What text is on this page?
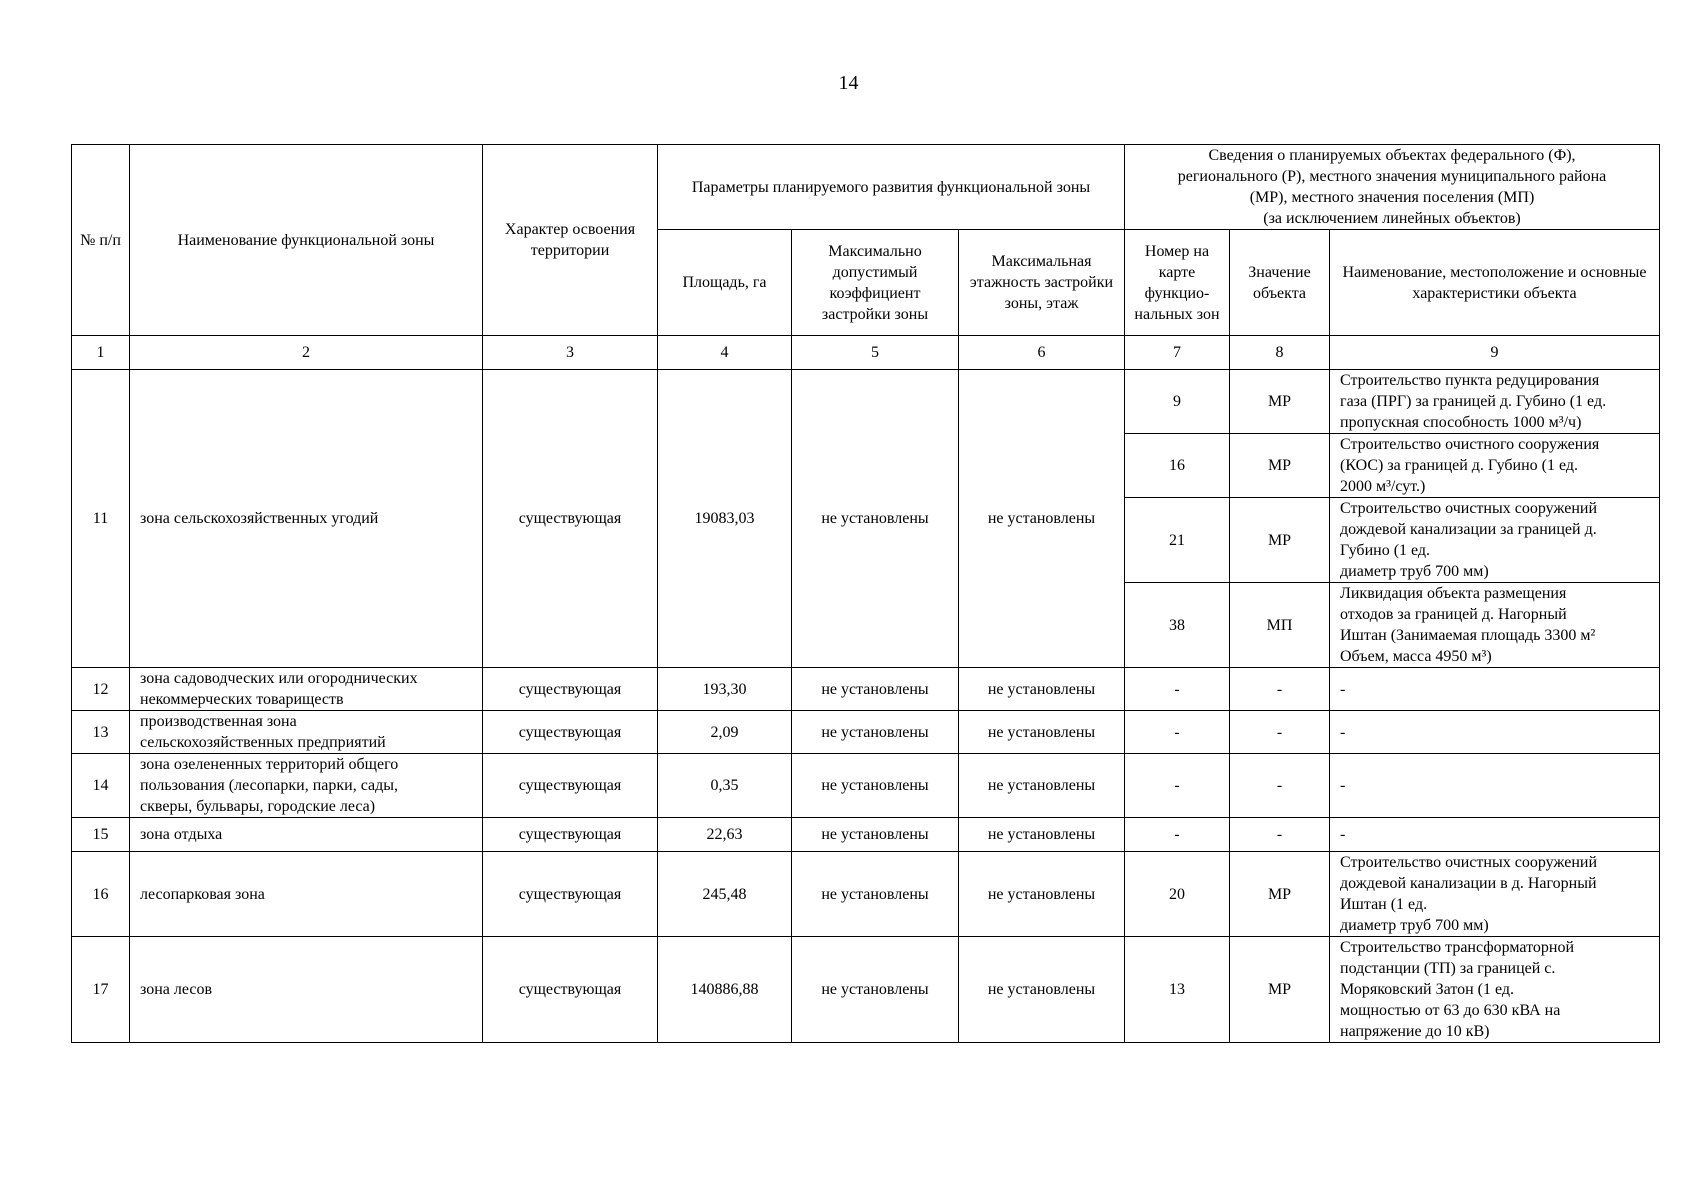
14
№ п/п	Наименование функциональной зоны	Характер освоения территории	Параметры планируемого развития функциональной зоны			Сведения о планируемых объектах федерального (Ф),
регионального (Р), местного значения муниципального района
(МР), местного значения поселения (МП)
(за исключением линейных объектов)		

			Площадь, га	Максимально допустимый коэффициент застройки зоны	Максимальная этажность застройки зоны, этаж	Номер на карте функцио-нальных зон	Значение объекта	Наименование, местоположение и основные характеристики объекта
1	2	3	4	5	6	7	8	9
11	зона сельскохозяйственных угодий	существующая	19083,03	не установлены	не установлены	9	МР	Строительство пункта редуцирования
газа (ПРГ) за границей д. Губино (1 ед.
пропускная способность 1000 м³/ч)

						16	МР	Строительство очистного сооружения
(КОС) за границей д. Губино (1 ед.
2000 м³/сут.)

						21	МР	Строительство очистных сооружений
дождевой канализации за границей д.
Губино (1 ед.
диаметр труб 700 мм)

						38	МП	Ликвидация объекта размещения
отходов за границей д. Нагорный
Иштан (Занимаемая площадь 3300 м²
Объем, масса 4950 м³)

12	зона садоводческих или огороднических
некоммерческих товариществ	существующая	193,30	не установлены	не установлены	-	-	-
13	производственная зона
сельскохозяйственных предприятий	существующая	2,09	не установлены	не установлены	-	-	-
14	зона озелененных территорий общего
пользования (лесопарки, парки, сады,
скверы, бульвары, городские леса)	существующая	0,35	не установлены	не установлены	-	-	-
15	зона отдыха	существующая	22,63	не установлены	не установлены	-	-	-
16	лесопарковая зона	существующая	245,48	не установлены	не установлены	20	МР	Строительство очистных сооружений
дождевой канализации в д. Нагорный
Иштан (1 ед.
диаметр труб 700 мм)

17	зона лесов	существующая	140886,88	не установлены	не установлены	13	МР	Строительство трансформаторной
подстанции (ТП) за границей с.
Моряковский Затон (1 ед.
мощностью от 63 до 630 кВА на
напряжение до 10 кВ)
